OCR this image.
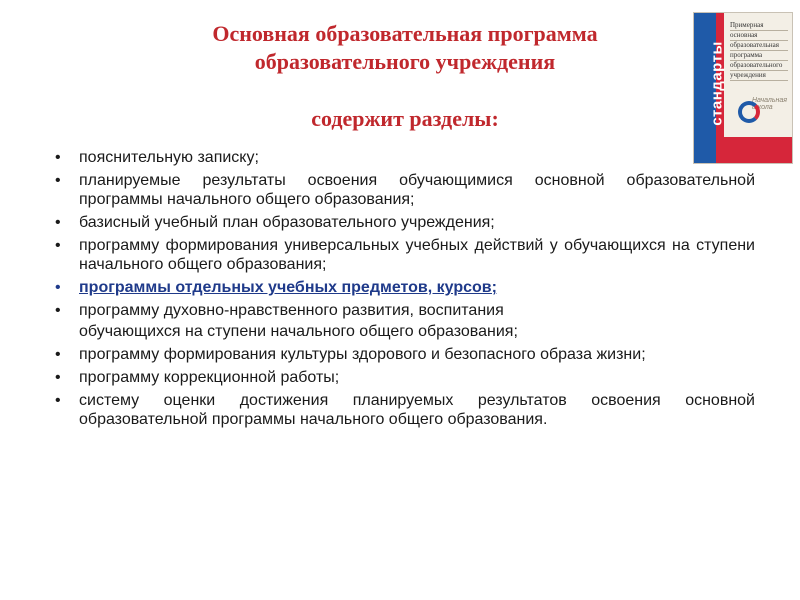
Основная образовательная программа
образовательного учреждения
содержит разделы:	стандарты
Примерная
основная
образовательная
программа
образовательного
учреждения
Начальная школа
•	пояснительную записку;
•	планируемые результаты освоения обучающимися основной образовательной программы начального общего образования;
•	базисный учебный план образовательного учреждения;
•	программу формирования универсальных учебных действий у обучающихся на ступени начального общего образования;
•	программы отдельных учебных предметов, курсов;
•	программу духовно-нравственного развития, воспитания
обучающихся на ступени начального общего образования;
•	программу формирования культуры здорового и безопасного образа жизни;
•	программу коррекционной работы;
•	систему оценки достижения планируемых результатов освоения основной образовательной программы начального общего образования.
